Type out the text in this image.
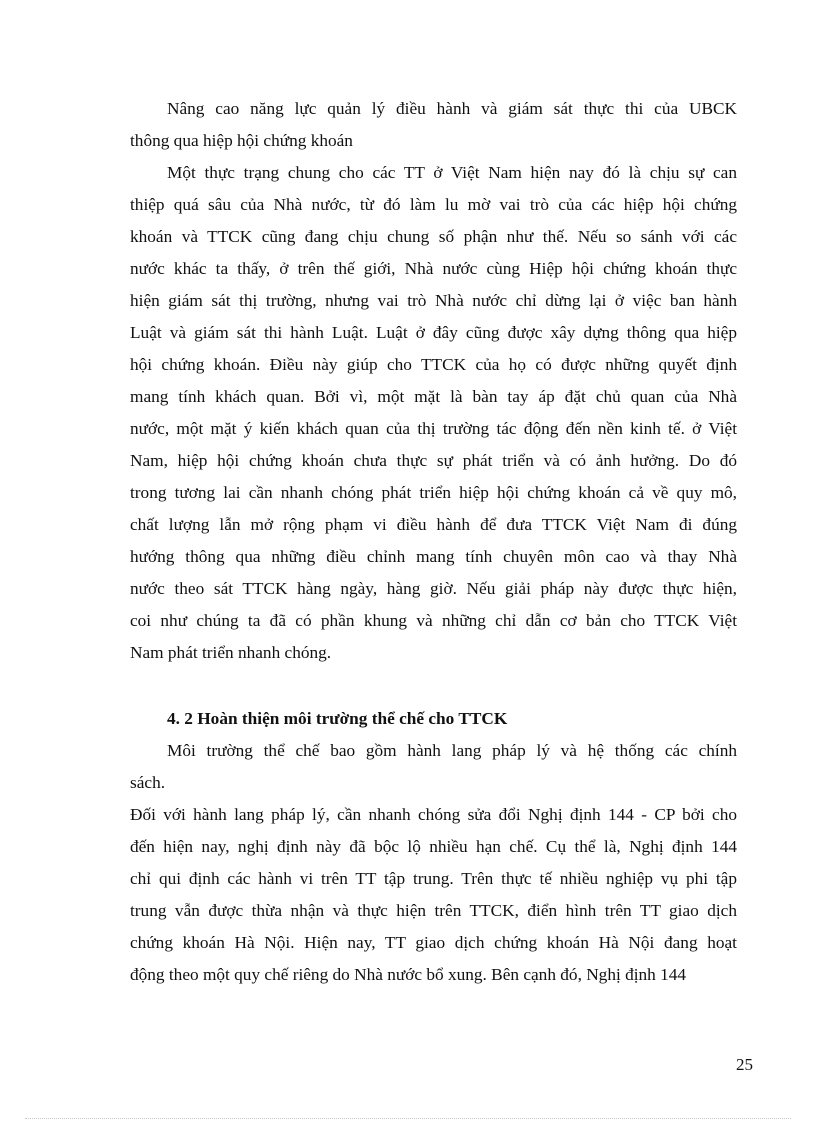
Nâng cao năng lực quản lý điều hành và giám sát thực thi của UBCK
thông qua hiệp hội chứng khoán
Một thực trạng chung cho các TT ở Việt Nam hiện nay đó là chịu sự can
thiệp quá sâu của Nhà nước, từ đó làm lu mờ vai trò của các hiệp hội chứng
khoán và TTCK cũng đang chịu chung số phận như thế. Nếu so sánh với các
nước khác ta thấy, ở trên thế giới, Nhà nước cùng Hiệp hội chứng khoán thực
hiện giám sát thị trường, nhưng vai trò Nhà nước chỉ dừng lại ở việc ban hành
Luật và giám sát thi hành Luật. Luật ở đây cũng được xây dựng thông qua hiệp
hội chứng khoán. Điều này giúp cho TTCK của họ có được những quyết định
mang tính khách quan. Bởi vì, một mặt là bàn tay áp đặt chủ quan của Nhà
nước, một mặt ý kiến khách quan của thị trường tác động đến nền kinh tế. ở Việt
Nam, hiệp hội chứng khoán chưa thực sự phát triển và có ảnh hưởng. Do đó
trong tương lai cần nhanh chóng phát triển hiệp hội chứng khoán cả về quy mô,
chất lượng lẫn mở rộng phạm vi điều hành để đưa TTCK Việt Nam đi đúng
hướng thông qua những điều chỉnh mang tính chuyên môn cao và thay Nhà
nước theo sát TTCK hàng ngày, hàng giờ. Nếu giải pháp này được thực hiện,
coi như chúng ta đã có phần khung và những chỉ dẫn cơ bản cho TTCK Việt
Nam phát triển nhanh chóng.
4. 2 Hoàn thiện môi trường thể chế cho TTCK
Môi trường thể chế bao gồm hành lang pháp lý và hệ thống các chính
sách.
Đối với hành lang pháp lý, cần nhanh chóng sửa đổi Nghị định 144 - CP bởi cho
đến hiện nay, nghị định này đã bộc lộ nhiều hạn chế. Cụ thể là, Nghị định 144
chỉ qui định các hành vi trên TT tập trung. Trên thực tế nhiều nghiệp vụ phi tập
trung vẫn được thừa nhận và thực hiện trên TTCK, điển hình trên TT giao dịch
chứng khoán Hà Nội. Hiện nay, TT giao dịch chứng khoán Hà Nội đang hoạt
động theo một quy chế riêng do Nhà nước bổ xung. Bên cạnh đó, Nghị định 144
25
